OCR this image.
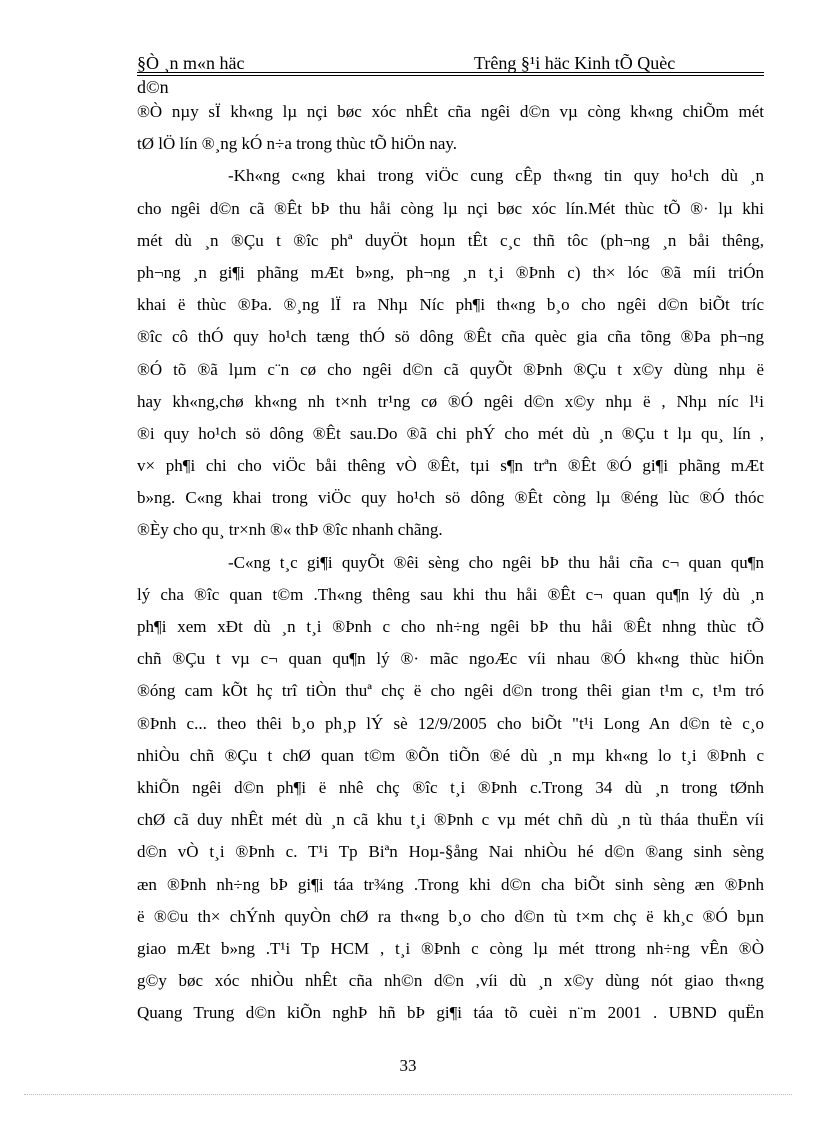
§Ò ¸n m«n häc	Trêng §¹i häc Kinh tÕ Quèc
d©n
®Ò nµy sÏ kh«ng lµ nçi bøc xóc nhÊt cña ngêi d©n vµ còng kh«ng chiÕm mét
tØ lÖ lín ®¸ng kÓ n÷a trong thùc tÕ hiÖn nay.
-Kh«ng c«ng khai trong viÖc cung cÊp th«ng tin quy ho¹ch dù ¸n
cho ngêi d©n cã ®Êt bÞ thu håi còng lµ nçi bøc xóc lín.Mét thùc tÕ ®· lµ khi
mét dù ¸n ®Çu t ®îc phª duyÖt hoµn tÊt c¸c thñ tôc (ph¬ng ¸n båi thêng,
ph¬ng ¸n gi¶i phãng mÆt b»ng, ph¬ng ¸n t¸i ®Þnh c) th× lóc ®ã míi triÓn
khai ë thùc ®Þa. ®¸ng lÏ ra Nhµ Níc ph¶i th«ng b¸o cho ngêi d©n biÕt tríc
®îc cô thÓ quy ho¹ch tæng thÓ sö dông ®Êt cña quèc gia cña tõng ®Þa ph¬ng
®Ó tõ ®ã lµm c¨n cø cho ngêi d©n cã quyÕt ®Þnh ®Çu t x©y dùng nhµ ë
hay kh«ng,chø kh«ng nh t×nh tr¹ng cø ®Ó ngêi d©n x©y nhµ ë , Nhµ níc l¹i
®i quy ho¹ch sö dông ®Êt sau.Do ®ã chi phÝ cho mét dù ¸n ®Çu t lµ qu¸ lín ,
v× ph¶i chi cho viÖc båi thêng vÒ ®Êt, tµi s¶n trªn ®Êt ®Ó gi¶i phãng mÆt
b»ng. C«ng khai trong viÖc quy ho¹ch sö dông ®Êt còng lµ ®éng lùc ®Ó thóc
®Èy cho qu¸ tr×nh ®« thÞ ®îc nhanh chãng.
-C«ng t¸c gi¶i quyÕt ®êi sèng cho ngêi bÞ thu håi cña c¬ quan qu¶n
lý cha ®îc quan t©m .Th«ng thêng sau khi thu håi ®Êt c¬ quan qu¶n lý dù ¸n
ph¶i xem xÐt dù ¸n t¸i ®Þnh c cho nh÷ng ngêi bÞ thu håi ®Êt nhng thùc tÕ
chñ ®Çu t vµ c¬ quan qu¶n lý ®· mãc ngoÆc víi nhau ®Ó kh«ng thùc hiÖn
®óng cam kÕt hç trî tiÒn thuª chç ë cho ngêi d©n trong thêi gian t¹m c, t¹m tró
®Þnh c... theo thêi b¸o ph¸p lÝ sè 12/9/2005 cho biÕt "t¹i Long An d©n tè c¸o
nhiÒu chñ ®Çu t chØ quan t©m ®Õn tiÕn ®é dù ¸n mµ kh«ng lo t¸i ®Þnh c
khiÕn ngêi d©n ph¶i ë nhê chç ®îc t¸i ®Þnh c.Trong 34 dù ¸n trong tØnh
chØ cã duy nhÊt mét dù ¸n cã khu t¸i ®Þnh c vµ mét chñ dù ¸n tù tháa thuËn víi
d©n vÒ t¸i ®Þnh c. T¹i Tp Biªn Hoµ-§ång Nai nhiÒu hé d©n ®ang sinh sèng
æn ®Þnh nh÷ng bÞ gi¶i táa tr¾ng .Trong khi d©n cha biÕt sinh sèng æn ®Þnh
ë ®©u th× chÝnh quyÒn chØ ra th«ng b¸o cho d©n tù t×m chç ë kh¸c ®Ó bµn
giao mÆt b»ng .T¹i Tp HCM , t¸i ®Þnh c còng lµ mét ttrong nh÷ng vÊn ®Ò
g©y bøc xóc nhiÒu nhÊt cña nh©n d©n ,víi dù ¸n x©y dùng nót giao th«ng
Quang Trung d©n kiÕn nghÞ hñ bÞ gi¶i táa tõ cuèi n¨m 2001 . UBND quËn
33
